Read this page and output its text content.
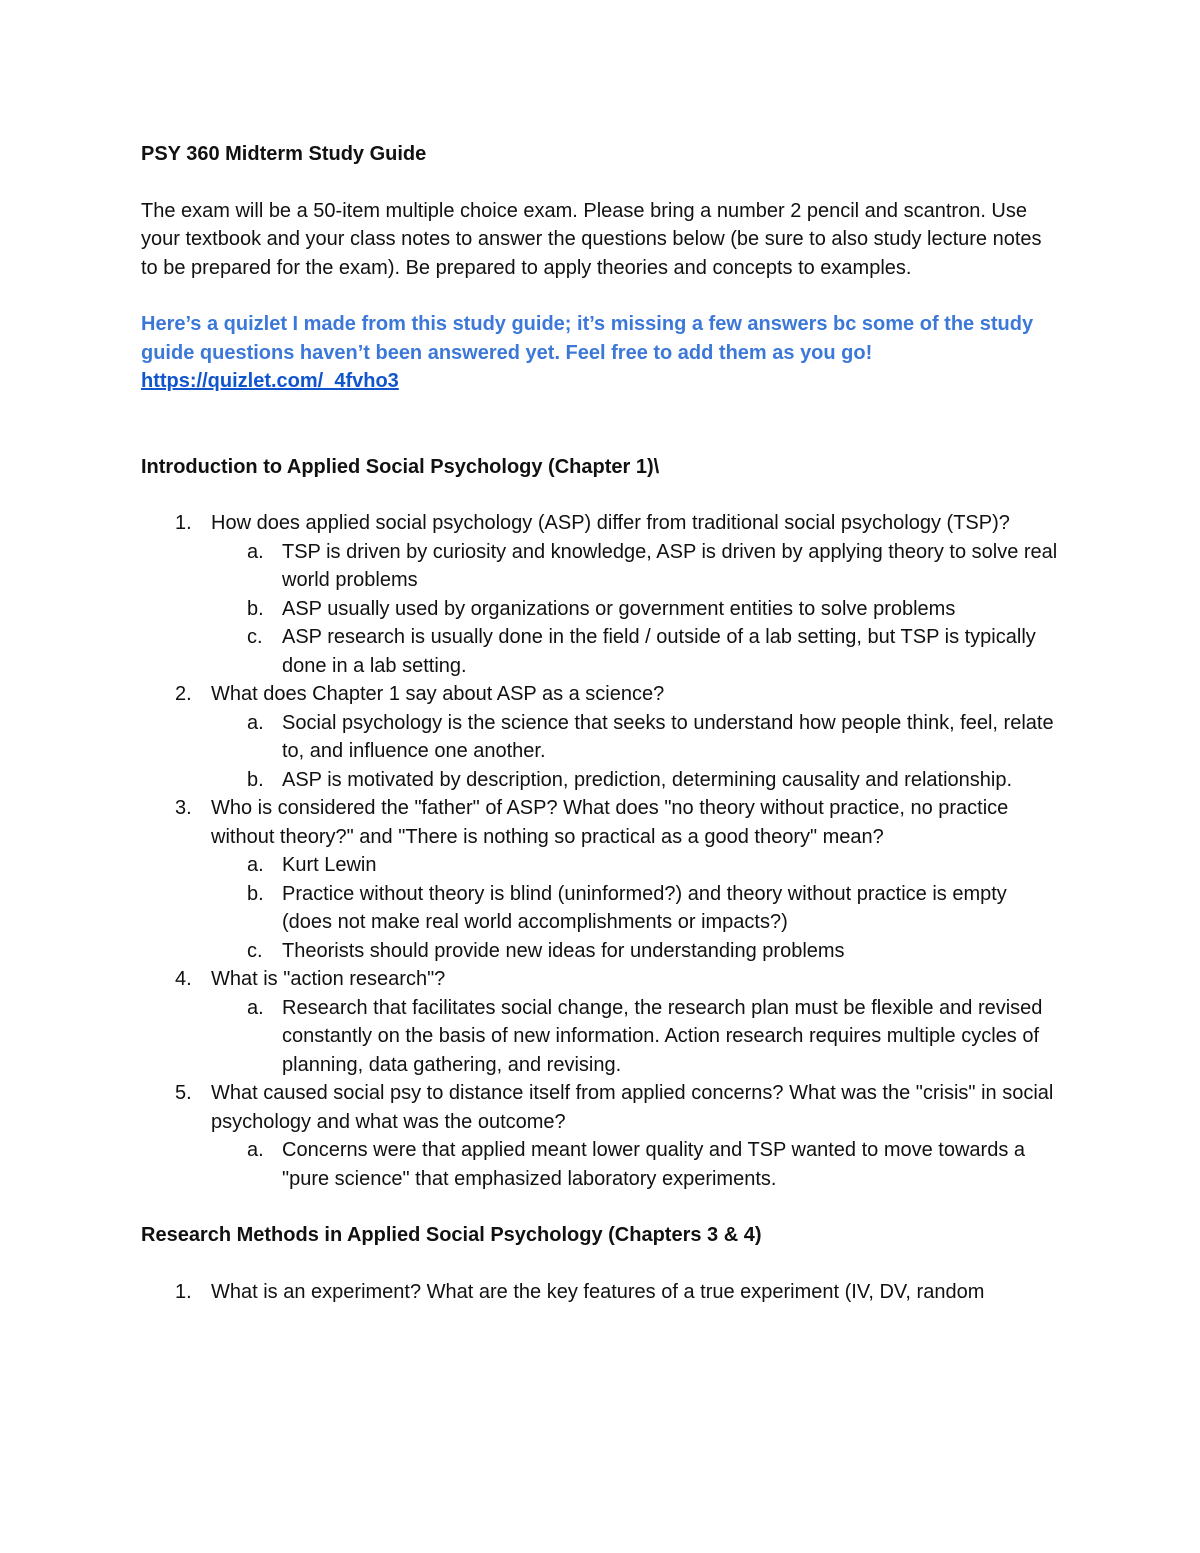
PSY 360 Midterm Study Guide

The exam will be a 50-item multiple choice exam. Please bring a number 2 pencil and scantron. Use your textbook and your class notes to answer the questions below (be sure to also study lecture notes to be prepared for the exam). Be prepared to apply theories and concepts to examples.

Here’s a quizlet I made from this study guide; it’s missing a few answers bc some of the study guide questions haven’t been answered yet. Feel free to add them as you go!

https://quizlet.com/_4fvho3

Introduction to Applied Social Psychology (Chapter 1)\

1. How does applied social psychology (ASP) differ from traditional social psychology (TSP)?
a. TSP is driven by curiosity and knowledge, ASP is driven by applying theory to solve real world problems
b. ASP usually used by organizations or government entities to solve problems
c. ASP research is usually done in the field / outside of a lab setting, but TSP is typically done in a lab setting.
2. What does Chapter 1 say about ASP as a science?
a. Social psychology is the science that seeks to understand how people think, feel, relate to, and influence one another.
b. ASP is motivated by description, prediction, determining causality and relationship.
3. Who is considered the "father" of ASP? What does "no theory without practice, no practice without theory?" and "There is nothing so practical as a good theory" mean?
a. Kurt Lewin
b. Practice without theory is blind (uninformed?) and theory without practice is empty (does not make real world accomplishments or impacts?)
c. Theorists should provide new ideas for understanding problems
4. What is "action research"?
a. Research that facilitates social change, the research plan must be flexible and revised constantly on the basis of new information. Action research requires multiple cycles of planning, data gathering, and revising.
5. What caused social psy to distance itself from applied concerns? What was the "crisis" in social psychology and what was the outcome?
a. Concerns were that applied meant lower quality and TSP wanted to move towards a "pure science" that emphasized laboratory experiments.

Research Methods in Applied Social Psychology (Chapters 3 & 4)

1. What is an experiment? What are the key features of a true experiment (IV, DV, random
